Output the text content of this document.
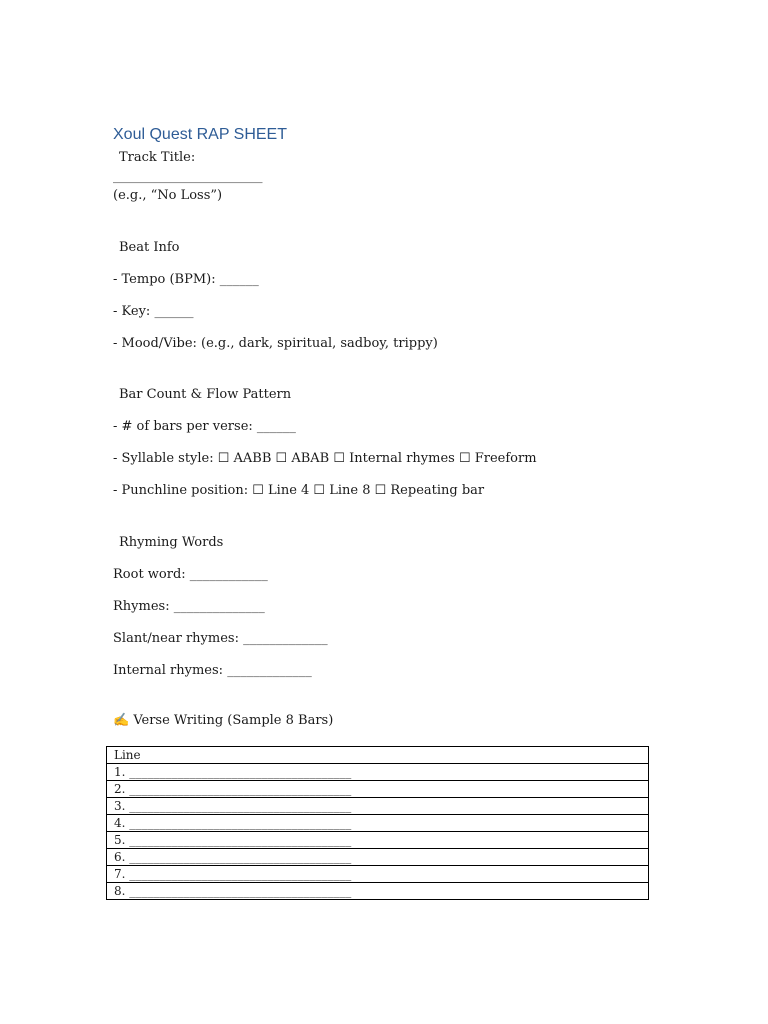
Xoul Quest RAP SHEET
Track Title:
_______________________
(e.g., “No Loss”)
Beat Info
- Tempo (BPM): ______
- Key: ______
- Mood/Vibe: (e.g., dark, spiritual, sadboy, trippy)
Bar Count & Flow Pattern
- # of bars per verse: ______
- Syllable style: ☐ AABB ☐ ABAB ☐ Internal rhymes ☐ Freeform
- Punchline position: ☐ Line 4 ☐ Line 8 ☐ Repeating bar
Rhyming Words
Root word: ____________
Rhymes: ______________
Slant/near rhymes: _____________
Internal rhymes: _____________
✍ Verse Writing (Sample 8 Bars)
Line
1. _____________________________________
2. _____________________________________
3. _____________________________________
4. _____________________________________
5. _____________________________________
6. _____________________________________
7. _____________________________________
8. _____________________________________
